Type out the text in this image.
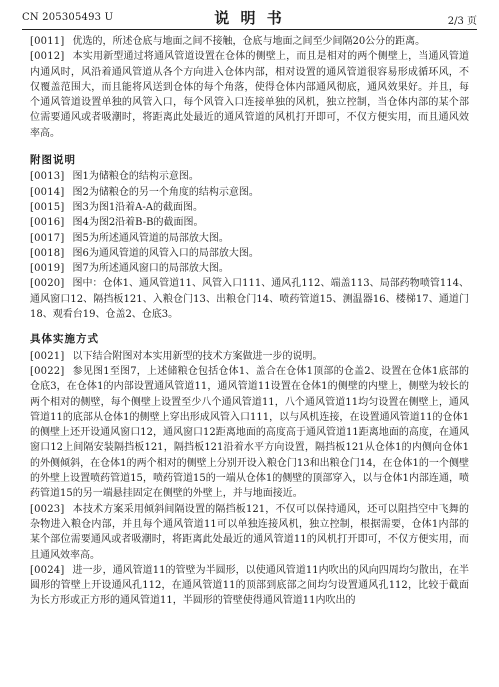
CN 205305493 U	说 明 书	2/3 页

[0011] 优选的，所述仓底与地面之间不接触，仓底与地面之间至少间隔20公分的距离。

[0012] 本实用新型通过将通风管道设置在仓体的侧壁上，而且是相对的两个侧壁上，当通风管道内通风时，风沿着通风管道从各个方向进入仓体内部，相对设置的通风管道很容易形成循环风，不仅覆盖范围大，而且能将风送到仓体的每个角落，使得仓体内部通风彻底，通风效果好。并且，每个通风管道设置单独的风管入口，每个风管入口连接单独的风机，独立控制，当仓体内部的某个部位需要通风或者吸潮时，将距离此处最近的通风管道的风机打开即可，不仅方便实用，而且通风效率高。

附图说明

[0013] 图1为储粮仓的结构示意图。

[0014] 图2为储粮仓的另一个角度的结构示意图。

[0015] 图3为图1沿着A-A的截面图。

[0016] 图4为图2沿着B-B的截面图。

[0017] 图5为所述通风管道的局部放大图。

[0018] 图6为通风管道的风管入口的局部放大图。

[0019] 图7为所述通风窗口的局部放大图。

[0020] 图中：仓体1、通风管道11、风管入口111、通风孔112、端盖113、局部药物喷管114、通风窗口12、隔挡板121、入粮仓门13、出粮仓门14、喷药管道15、测温器16、楼梯17、通道门18、观看台19、仓盖2、仓底3。

具体实施方式

[0021] 以下结合附图对本实用新型的技术方案做进一步的说明。

[0022] 参见图1至图7，上述储粮仓包括仓体1、盖合在仓体1顶部的仓盖2、设置在仓体1底部的仓底3，在仓体1的内部设置通风管道11，通风管道11设置在仓体1的侧壁的内壁上，侧壁为较长的两个相对的侧壁，每个侧壁上设置至少八个通风管道11，八个通风管道11均匀设置在侧壁上，通风管道11的底部从仓体1的侧壁上穿出形成风管入口111，以与风机连接，在设置通风管道11的仓体1的侧壁上还开设通风窗口12，通风窗口12距离地面的高度高于通风管道11距离地面的高度，在通风窗口12上间隔安装隔挡板121，隔挡板121沿着水平方向设置，隔挡板121从仓体1的内侧向仓体1的外侧倾斜，在仓体1的两个相对的侧壁上分别开设入粮仓门13和出粮仓门14，在仓体1的一个侧壁的外壁上设置喷药管道15，喷药管道15的一端从仓体1的侧壁的顶部穿入，以与仓体1内部连通，喷药管道15的另一端悬挂固定在侧壁的外壁上，并与地面接近。

[0023] 本技术方案采用倾斜间隔设置的隔挡板121，不仅可以保持通风，还可以阻挡空中飞舞的杂物进入粮仓内部，并且每个通风管道11可以单独连接风机，独立控制，根据需要，仓体1内部的某个部位需要通风或者吸潮时，将距离此处最近的通风管道11的风机打开即可，不仅方便实用，而且通风效率高。

[0024] 进一步，通风管道11的管壁为半圆形，以使通风管道11内吹出的风向四周均匀散出，在半圆形的管壁上开设通风孔112，在通风管道11的顶部到底部之间均匀设置通风孔112，比较于截面为长方形或正方形的通风管道11，半圆形的管壁使得通风管道11内吹出的
